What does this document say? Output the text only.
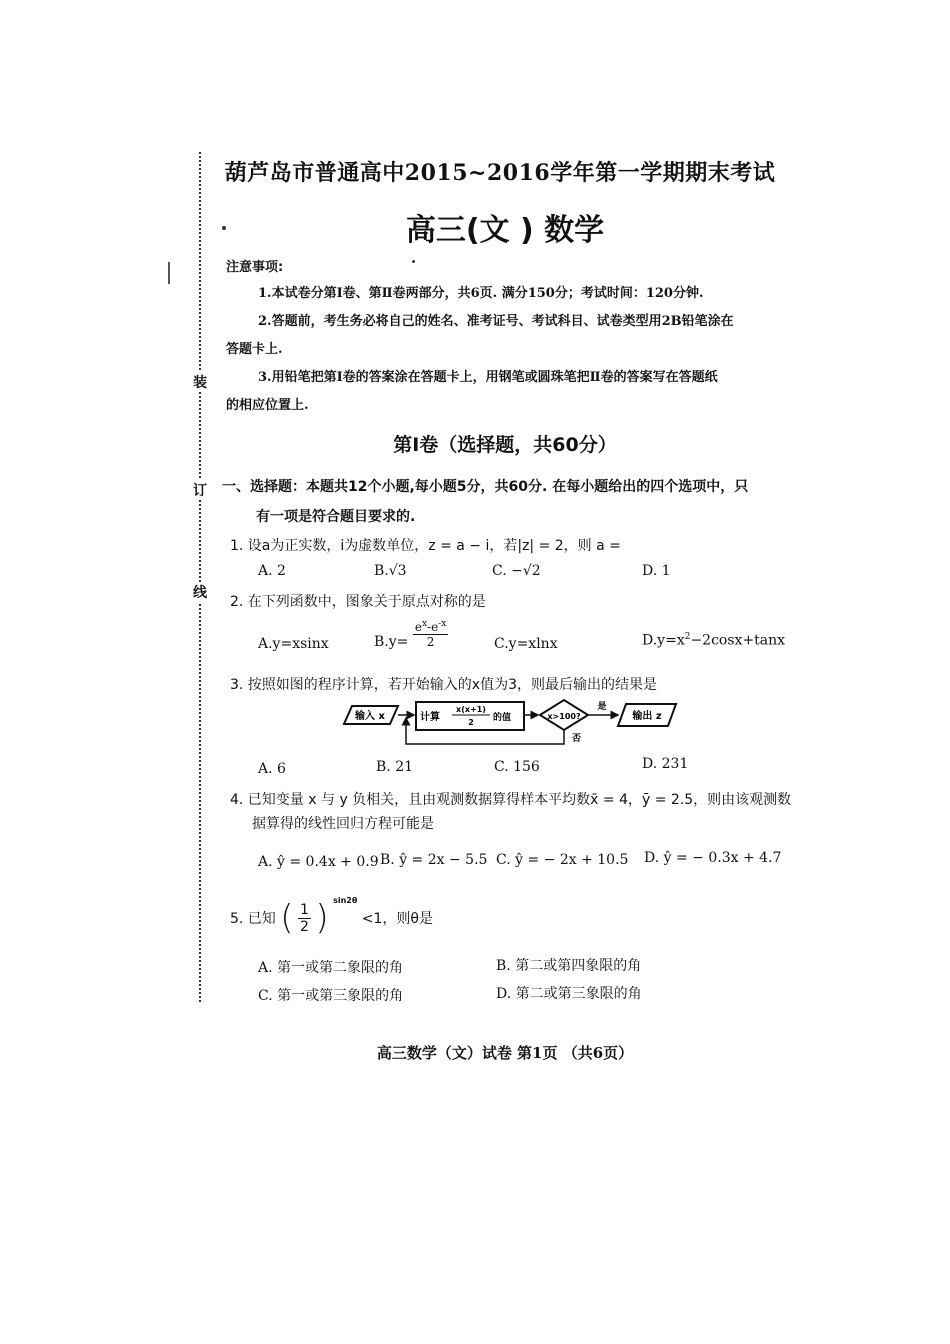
装
订
线
葫芦岛市普通高中2015~2016学年第一学期期末考试
高三(文 ) 数学
注意事项:
1.本试卷分第Ⅰ卷、第Ⅱ卷两部分，共6页. 满分150分；考试时间：120分钟.
2.答题前，考生务必将自己的姓名、准考证号、考试科目、试卷类型用2B铅笔涂在
答题卡上.
3.用铅笔把第Ⅰ卷的答案涂在答题卡上，用钢笔或圆珠笔把Ⅱ卷的答案写在答题纸
的相应位置上.
第Ⅰ卷（选择题，共60分）
一、选择题：本题共12个小题,每小题5分，共60分. 在每小题给出的四个选项中，只
有一项是符合题目要求的.
1. 设a为正实数，i为虚数单位，z = a − i，若|z| = 2，则 a =
A. 2	B.√3	C. −√2	D. 1
2. 在下列函数中，图象关于原点对称的是
A.y=xsinx	$B.y= \frac{e^x-e^{-x}}{2}$	C.y=xlnx	$D.y=x^2-2\cos x+\tan x$
3. 按照如图的程序计算，若开始输入的x值为3，则最后输出的结果是
输入 x	计算
x(x+1)
2 的值	x>100?
是
输出 z
否
A. 6	B. 21	C. 156	D. 231
4. 已知变量 x 与 y 负相关，且由观测数据算得样本平均数x̄ = 4，ȳ = 2.5，则由该观测数
据算得的线性回归方程可能是
A. ŷ = 0.4x + 0.9 B. ŷ = 2x − 5.5 C. ŷ = − 2x + 10.5 D. ŷ = − 0.3x + 4.7
5. 已知 ( $\frac{1}{2}$ ) sin2θ <1，则θ是
A. 第一或第二象限的角	B. 第二或第四象限的角
C. 第一或第三象限的角	D. 第二或第三象限的角
高三数学（文）试卷 第1页 （共6页）
